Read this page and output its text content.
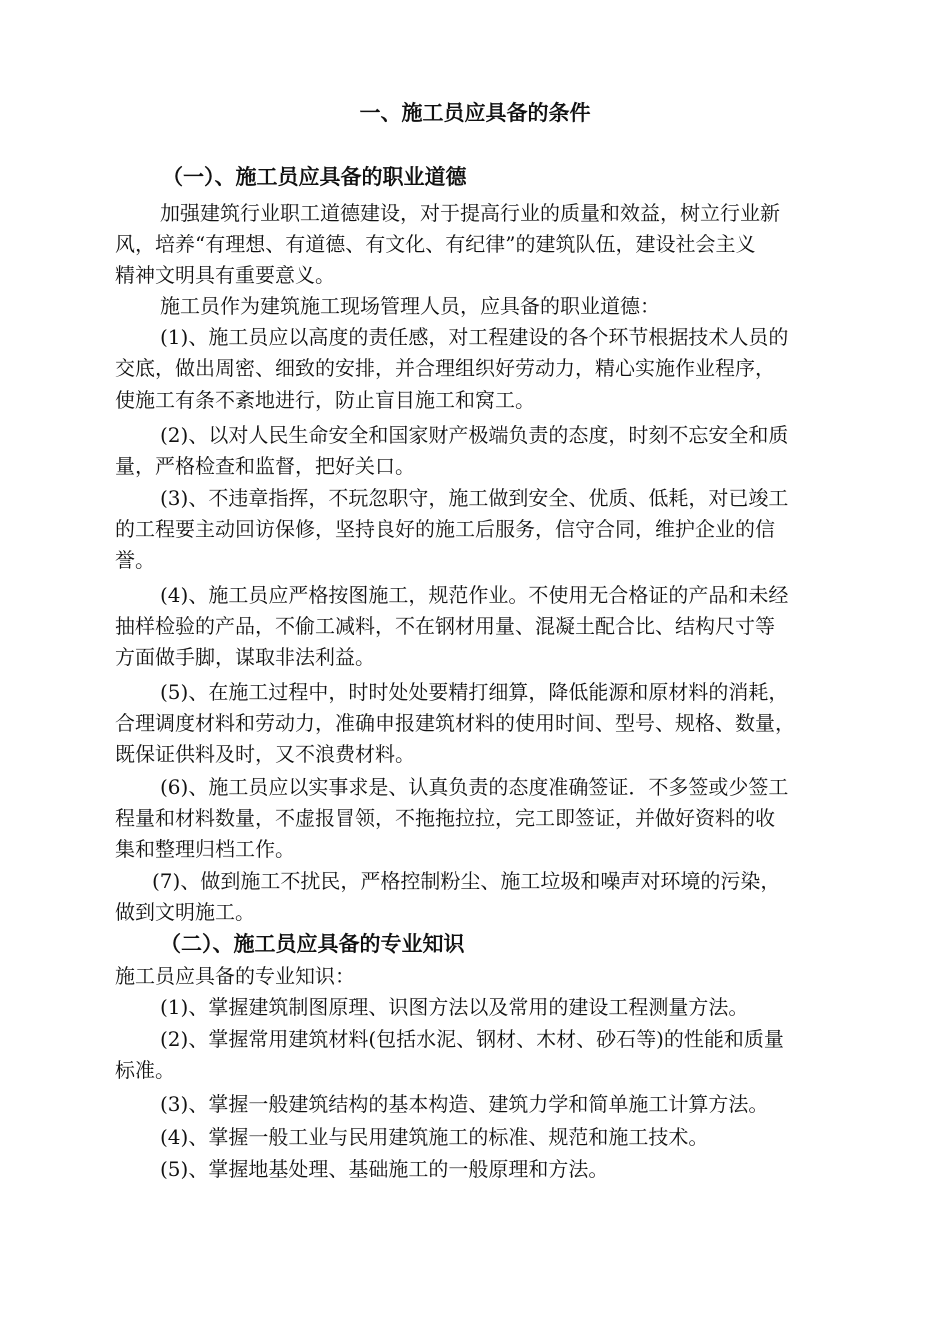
一、施工员应具备的条件
（一）、施工员应具备的职业道德
加强建筑行业职工道德建设，对于提高行业的质量和效益，树立行业新
风，培养“有理想、有道德、有文化、有纪律”的建筑队伍，建设社会主义
精神文明具有重要意义。
施工员作为建筑施工现场管理人员，应具备的职业道德：
(1)、施工员应以高度的责任感，对工程建设的各个环节根据技术人员的
交底，做出周密、细致的安排，并合理组织好劳动力，精心实施作业程序，
使施工有条不紊地进行，防止盲目施工和窝工。
(2)、以对人民生命安全和国家财产极端负责的态度，时刻不忘安全和质
量，严格检查和监督，把好关口。
(3)、不违章指挥，不玩忽职守，施工做到安全、优质、低耗，对已竣工
的工程要主动回访保修，坚持良好的施工后服务，信守合同，维护企业的信
誉。
(4)、施工员应严格按图施工，规范作业。不使用无合格证的产品和未经
抽样检验的产品，不偷工减料，不在钢材用量、混凝土配合比、结构尺寸等
方面做手脚，谋取非法利益。
(5)、在施工过程中，时时处处要精打细算，降低能源和原材料的消耗，
合理调度材料和劳动力，准确申报建筑材料的使用时间、型号、规格、数量，
既保证供料及时，又不浪费材料。
(6)、施工员应以实事求是、认真负责的态度准确签证．不多签或少签工
程量和材料数量，不虚报冒领，不拖拖拉拉，完工即签证，并做好资料的收
集和整理归档工作。
(7)、做到施工不扰民，严格控制粉尘、施工垃圾和噪声对环境的污染，
做到文明施工。
（二）、施工员应具备的专业知识
施工员应具备的专业知识：
(1)、掌握建筑制图原理、识图方法以及常用的建设工程测量方法。
(2)、掌握常用建筑材料(包括水泥、钢材、木材、砂石等)的性能和质量
标准。
(3)、掌握一般建筑结构的基本构造、建筑力学和简单施工计算方法。
(4)、掌握一般工业与民用建筑施工的标准、规范和施工技术。
(5)、掌握地基处理、基础施工的一般原理和方法。
